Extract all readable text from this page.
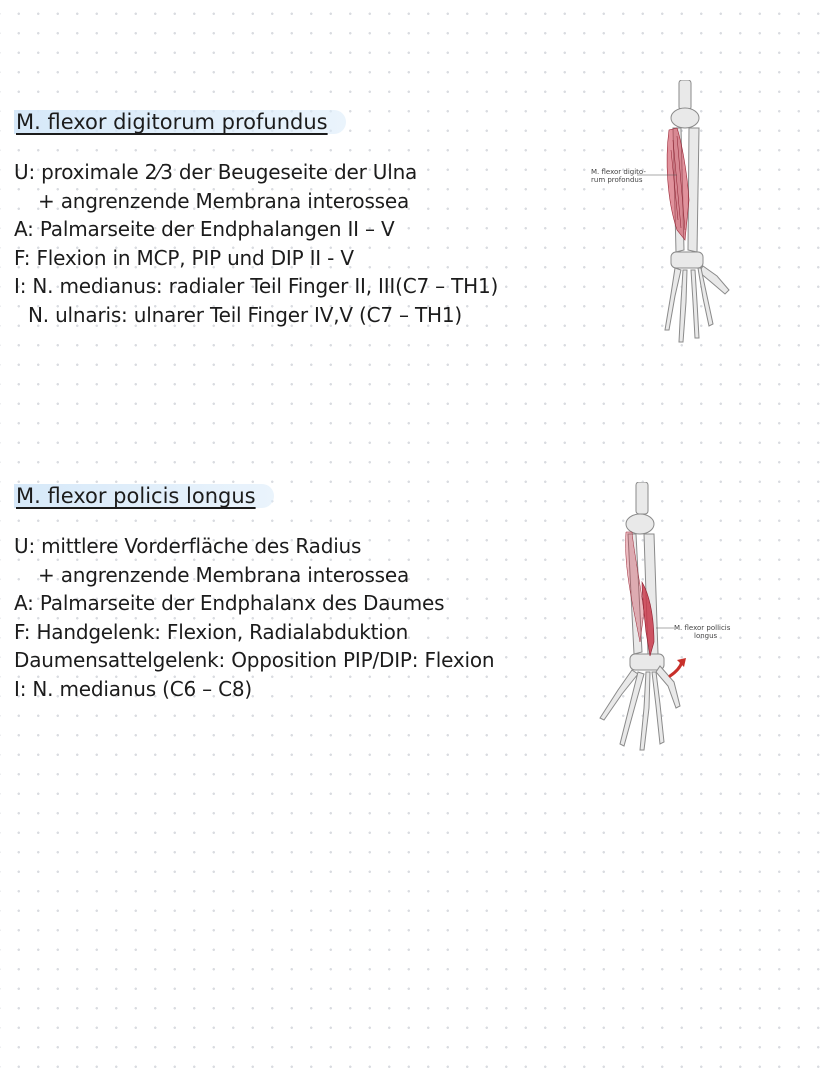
M. flexor digitorum profundus
U: proximale 2⁄3 der Beugeseite der Ulna
+ angrenzende Membrana interossea
A: Palmarseite der Endphalangen II – V
F: Flexion in MCP, PIP und DIP II - V
I: N. medianus: radialer Teil Finger II, III(C7 – TH1)
N. ulnaris: ulnarer Teil Finger IV,V (C7 – TH1)
M. flexor digito-
rum profondus
M. flexor policis longus
U: mittlere Vorderfläche des Radius
+ angrenzende Membrana interossea
A: Palmarseite der Endphalanx des Daumes
F: Handgelenk: Flexion, Radialabduktion
Daumensattelgelenk: Opposition PIP/DIP: Flexion
I: N. medianus (C6 – C8)
M. flexor pollicis
longus
